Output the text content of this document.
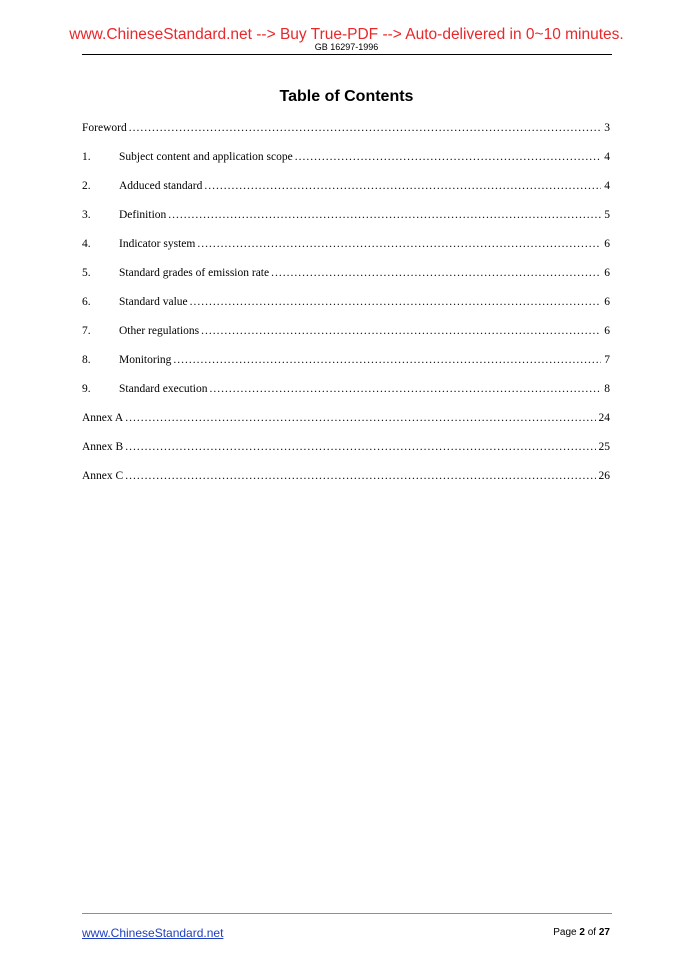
www.ChineseStandard.net --> Buy True-PDF --> Auto-delivered in 0~10 minutes.
GB 16297-1996
Table of Contents
Foreword .....	3
1.	Subject content and application scope .....	4
2.	Adduced standard .....	4
3.	Definition .....	5
4.	Indicator system .....	6
5.	Standard grades of emission rate .....	6
6.	Standard value .....	6
7.	Other regulations .....	6
8.	Monitoring .....	7
9.	Standard execution .....	8
Annex A .....	24
Annex B .....	25
Annex C .....	26
www.ChineseStandard.net	Page 2 of 27
